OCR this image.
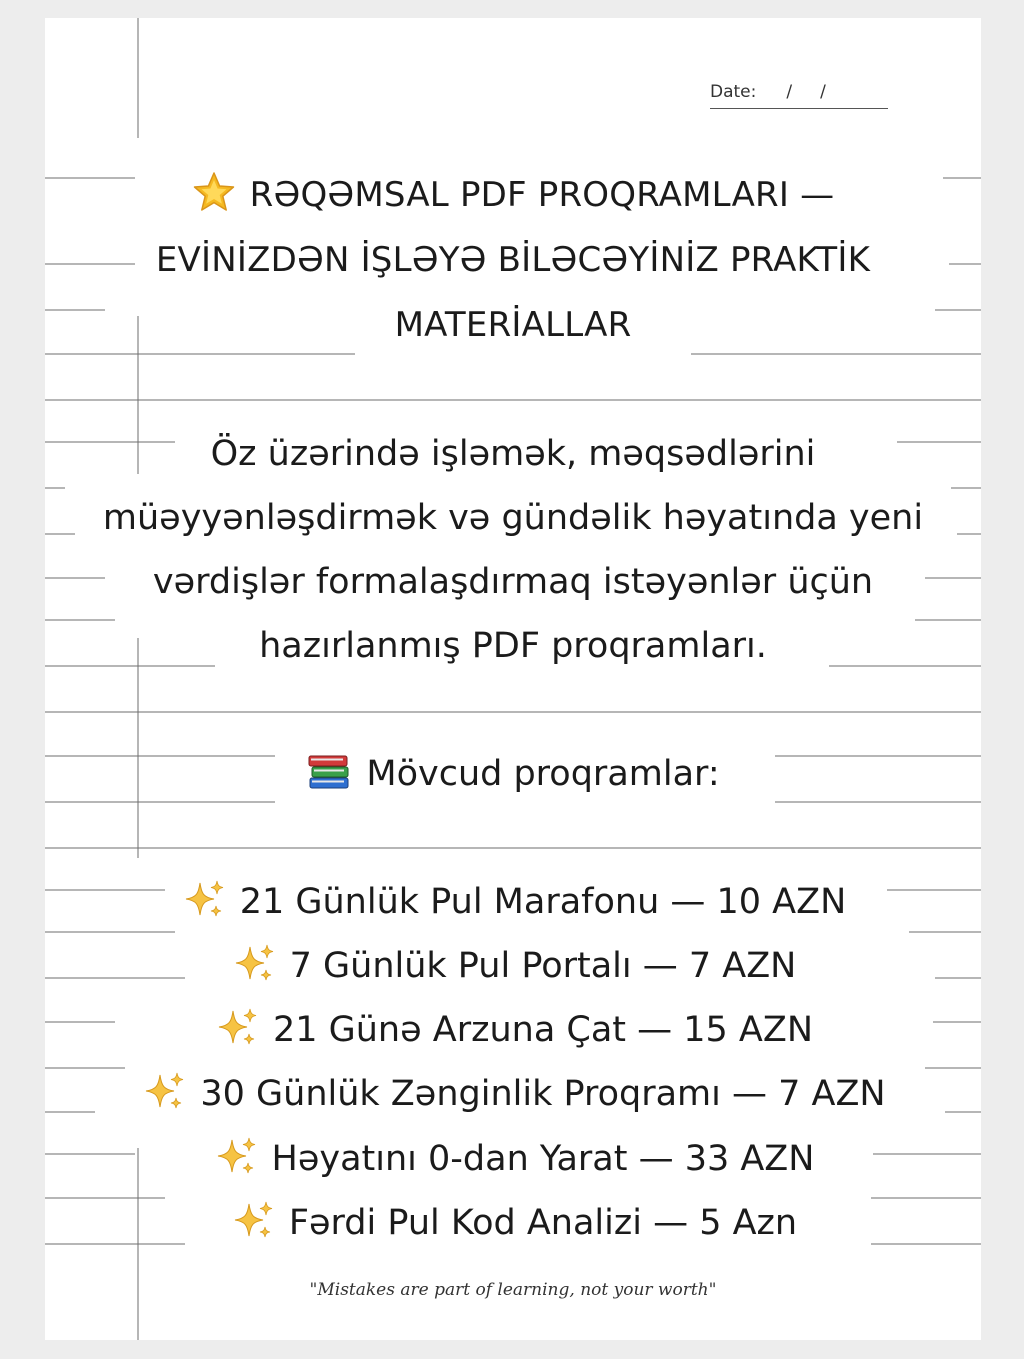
Date: / /
RƏQƏMSAL PDF PROQRAMLARI —
EVİNİZDƏN İŞLƏYƏ BİLƏCƏYİNİZ PRAKTİK
MATERİALLAR
Öz üzərində işləmək, məqsədlərini
müəyyənləşdirmək və gündəlik həyatında yeni
vərdişlər formalaşdırmaq istəyənlər üçün
hazırlanmış PDF proqramları.
Mövcud proqramlar:
21 Günlük Pul Marafonu — 10 AZN
7 Günlük Pul Portalı — 7 AZN
21 Günə Arzuna Çat — 15 AZN
30 Günlük Zənginlik Proqramı — 7 AZN
Həyatını 0-dan Yarat — 33 AZN
Fərdi Pul Kod Analizi — 5 Azn
"Mistakes are part of learning, not your worth"
